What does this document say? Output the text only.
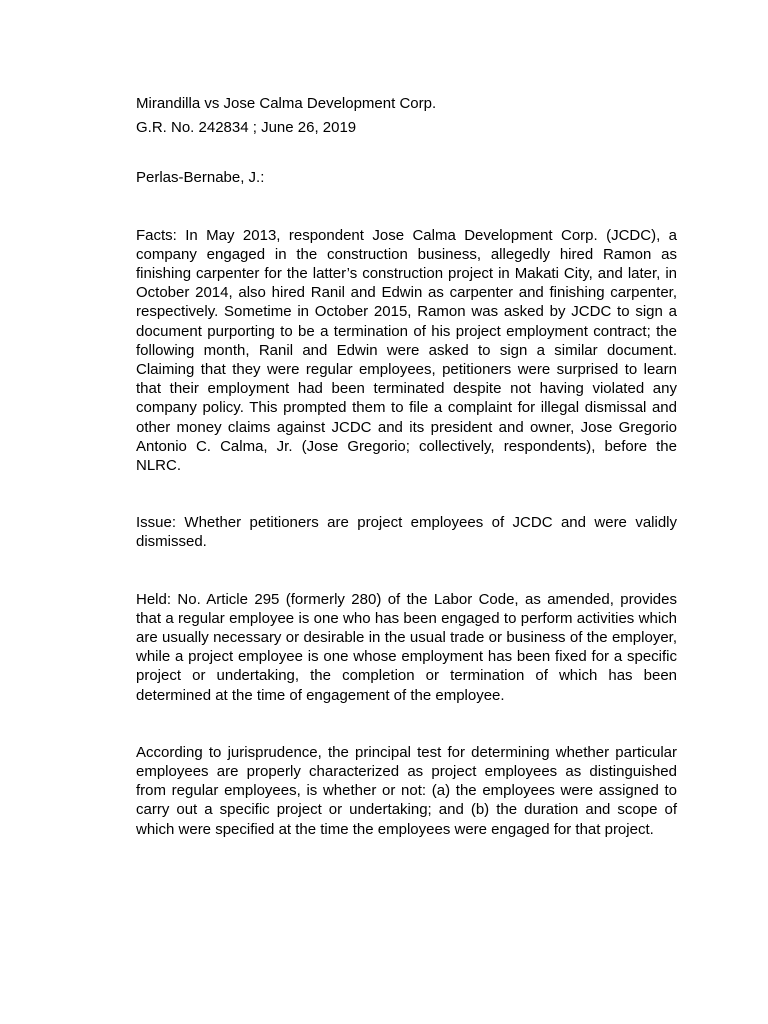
Mirandilla vs Jose Calma Development Corp.

G.R. No. 242834 ; June 26, 2019

Perlas-Bernabe, J.:

Facts: In May 2013, respondent Jose Calma Development Corp. (JCDC), a company engaged in the construction business, allegedly hired Ramon as finishing carpenter for the latter’s construction project in Makati City, and later, in October 2014, also hired Ranil and Edwin as carpenter and finishing carpenter, respectively. Sometime in October 2015, Ramon was asked by JCDC to sign a document purporting to be a termination of his project employment contract; the following month, Ranil and Edwin were asked to sign a similar document. Claiming that they were regular employees, petitioners were surprised to learn that their employment had been terminated despite not having violated any company policy. This prompted them to file a complaint for illegal dismissal and other money claims against JCDC and its president and owner, Jose Gregorio Antonio C. Calma, Jr. (Jose Gregorio; collectively, respondents), before the NLRC.

Issue: Whether petitioners are project employees of JCDC and were validly dismissed.

Held: No. Article 295 (formerly 280) of the Labor Code, as amended, provides that a regular employee is one who has been engaged to perform activities which are usually necessary or desirable in the usual trade or business of the employer, while a project employee is one whose employment has been fixed for a specific project or undertaking, the completion or termination of which has been determined at the time of engagement of the employee.

According to jurisprudence, the principal test for determining whether particular employees are properly characterized as project employees as distinguished from regular employees, is whether or not: (a) the employees were assigned to carry out a specific project or undertaking; and (b) the duration and scope of which were specified at the time the employees were engaged for that project.
